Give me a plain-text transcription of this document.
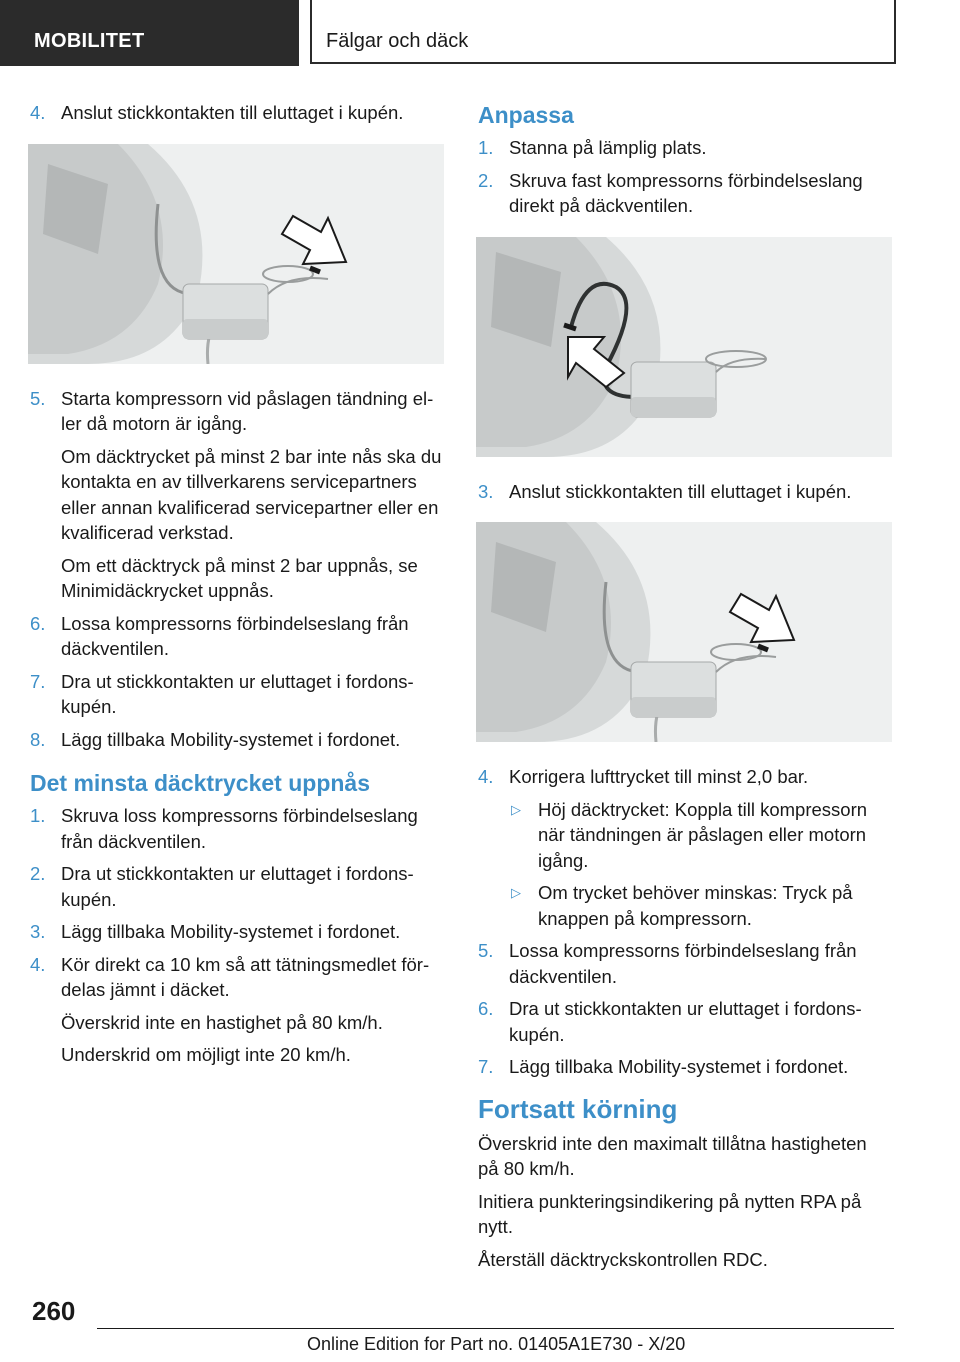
MOBILITET	Fälgar och däck
4. Anslut stickkontakten till eluttaget i kupén.
5. Starta kompressorn vid påslagen tändning eller då motorn är igång.
Om däcktrycket på minst 2 bar inte nås ska du kontakta en av tillverkarens servicepartners eller annan kvalificerad servicepartner eller en kvalificerad verkstad.
Om ett däcktryck på minst 2 bar uppnås, se Minimidäckrycket uppnås.
6. Lossa kompressorns förbindelseslang från däckventilen.
7. Dra ut stickkontakten ur eluttaget i fordonskupén.
8. Lägg tillbaka Mobility-systemet i fordonet.
Det minsta däcktrycket uppnås
1. Skruva loss kompressorns förbindelseslang från däckventilen.
2. Dra ut stickkontakten ur eluttaget i fordonskupén.
3. Lägg tillbaka Mobility-systemet i fordonet.
4. Kör direkt ca 10 km så att tätningsmedlet fördelas jämnt i däcket.
Överskrid inte en hastighet på 80 km/h.
Underskrid om möjligt inte 20 km/h.
Anpassa
1. Stanna på lämplig plats.
2. Skruva fast kompressorns förbindelseslang direkt på däckventilen.
3. Anslut stickkontakten till eluttaget i kupén.
4. Korrigera lufttrycket till minst 2,0 bar.
▷ Höj däcktrycket: Koppla till kompressorn när tändningen är påslagen eller motorn igång.
▷ Om trycket behöver minskas: Tryck på knappen på kompressorn.
5. Lossa kompressorns förbindelseslang från däckventilen.
6. Dra ut stickkontakten ur eluttaget i fordonskupén.
7. Lägg tillbaka Mobility-systemet i fordonet.
Fortsatt körning
Överskrid inte den maximalt tillåtna hastigheten på 80 km/h.
Initiera punkteringsindikering på nytten RPA på nytt.
Återställ däcktryckskontrollen RDC.
260
Online Edition for Part no. 01405A1E730 - X/20
